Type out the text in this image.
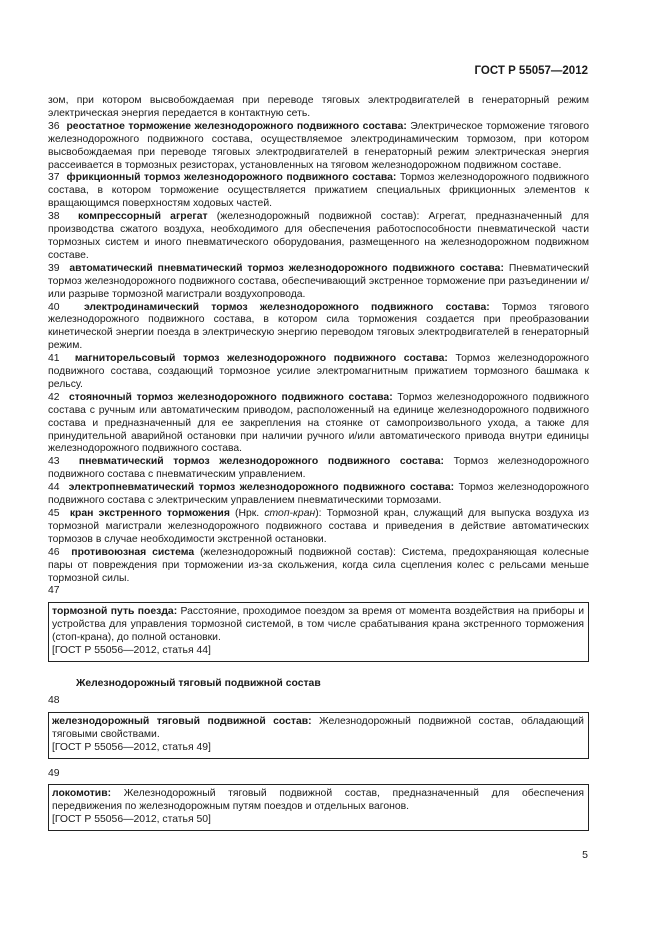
ГОСТ Р 55057—2012

зом, при котором высвобождаемая при переводе тяговых электродвигателей в генераторный режим электрическая энергия передается в контактную сеть.

36 реостатное торможение железнодорожного подвижного состава: Электрическое торможение тягового железнодорожного подвижного состава, осуществляемое электродинамическим тормозом, при котором высвобождаемая при переводе тяговых электродвигателей в генераторный режим электрическая энергия рассеивается в тормозных резисторах, установленных на тяговом железнодорожном подвижном составе.

37 фрикционный тормоз железнодорожного подвижного состава: Тормоз железнодорожного подвижного состава, в котором торможение осуществляется прижатием специальных фрикционных элементов к вращающимся поверхностям ходовых частей.

38 компрессорный агрегат (железнодорожный подвижной состав): Агрегат, предназначенный для производства сжатого воздуха, необходимого для обеспечения работоспособности пневматической части тормозных систем и иного пневматического оборудования, размещенного на железнодорожном подвижном составе.

39 автоматический пневматический тормоз железнодорожного подвижного состава: Пневматический тормоз железнодорожного подвижного состава, обеспечивающий экстренное торможение при разъединении и/или разрыве тормозной магистрали воздухопровода.

40 электродинамический тормоз железнодорожного подвижного состава: Тормоз тягового железнодорожного подвижного состава, в котором сила торможения создается при преобразовании кинетической энергии поезда в электрическую энергию переводом тяговых электродвигателей в генераторный режим.

41 магниторельсовый тормоз железнодорожного подвижного состава: Тормоз железнодорожного подвижного состава, создающий тормозное усилие электромагнитным прижатием тормозного башмака к рельсу.

42 стояночный тормоз железнодорожного подвижного состава: Тормоз железнодорожного подвижного состава с ручным или автоматическим приводом, расположенный на единице железнодорожного подвижного состава и предназначенный для ее закрепления на стоянке от самопроизвольного ухода, а также для принудительной аварийной остановки при наличии ручного и/или автоматического привода внутри единицы железнодорожного подвижного состава.

43 пневматический тормоз железнодорожного подвижного состава: Тормоз железнодорожного подвижного состава с пневматическим управлением.

44 электропневматический тормоз железнодорожного подвижного состава: Тормоз железнодорожного подвижного состава с электрическим управлением пневматическими тормозами.

45 кран экстренного торможения (Нрк. стоп-кран): Тормозной кран, служащий для выпуска воздуха из тормозной магистрали железнодорожного подвижного состава и приведения в действие автоматических тормозов в случае необходимости экстренной остановки.

46 противоюзная система (железнодорожный подвижной состав): Система, предохраняющая колесные пары от повреждения при торможении из-за скольжения, когда сила сцепления колес с рельсами меньше тормозной силы.

47

тормозной путь поезда: Расстояние, проходимое поездом за время от момента воздействия на приборы и устройства для управления тормозной системой, в том числе срабатывания крана экстренного торможения (стоп-крана), до полной остановки.

[ГОСТ Р 55056—2012, статья 44]

Железнодорожный тяговый подвижной состав
48

железнодорожный тяговый подвижной состав: Железнодорожный подвижной состав, обладающий тяговыми свойствами.

[ГОСТ Р 55056—2012, статья 49]

49

локомотив: Железнодорожный тяговый подвижной состав, предназначенный для обеспечения передвижения по железнодорожным путям поездов и отдельных вагонов.

[ГОСТ Р 55056—2012, статья 50]

5
